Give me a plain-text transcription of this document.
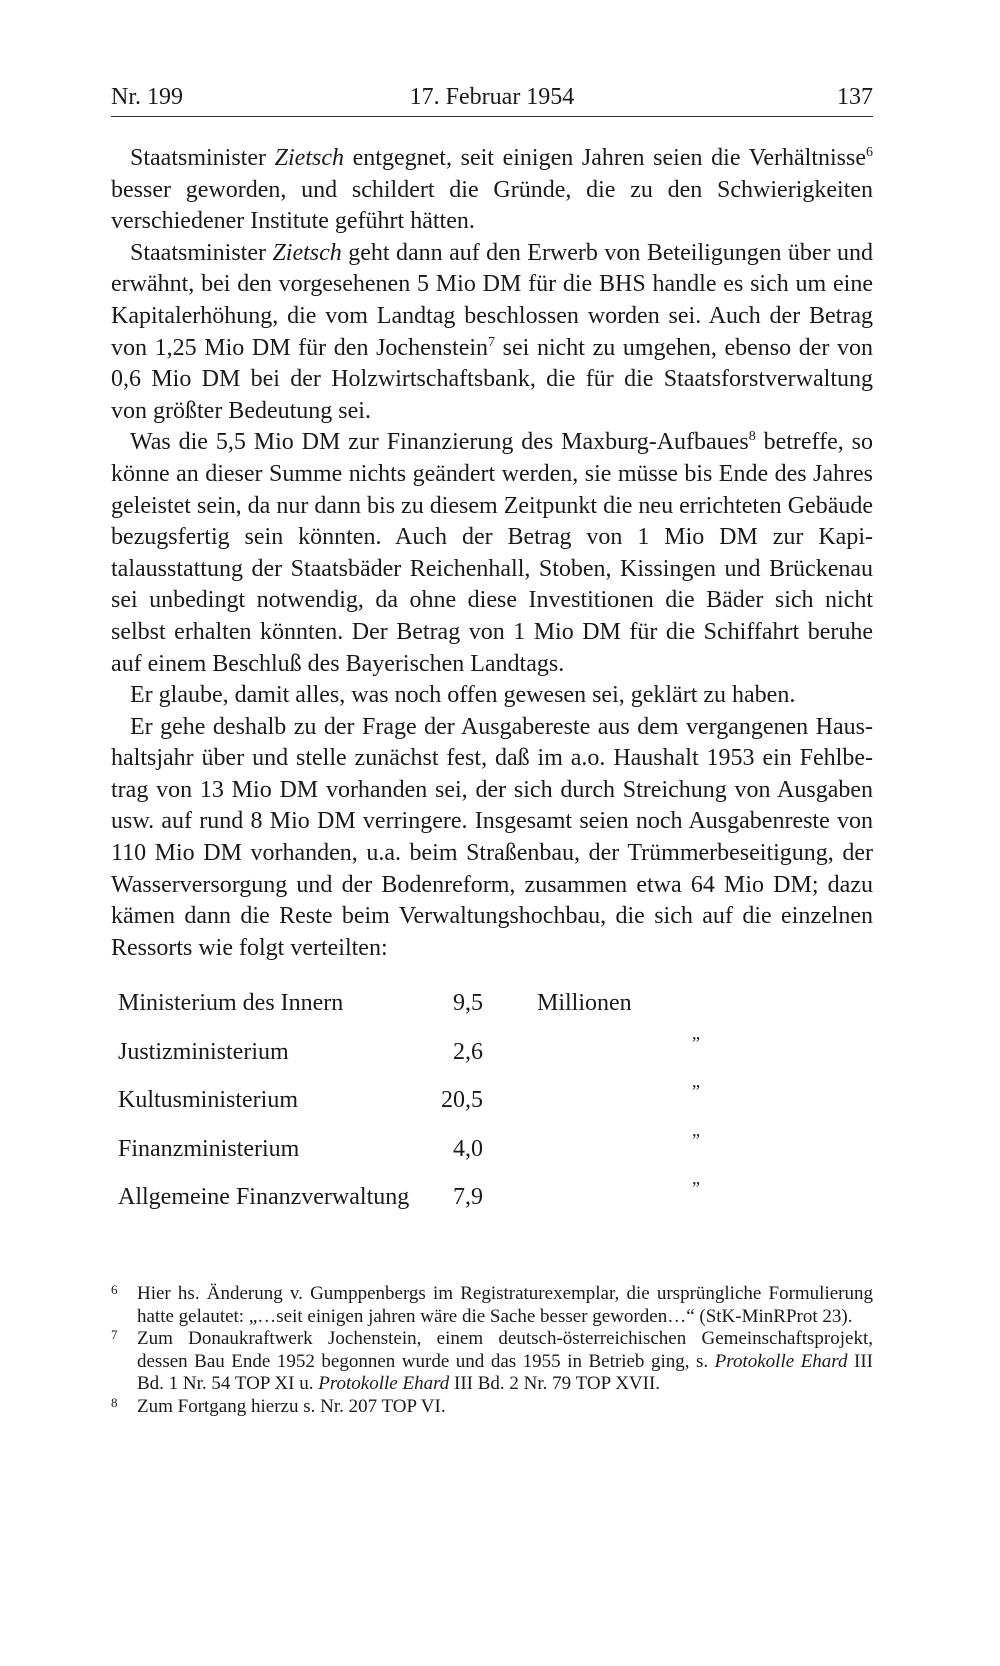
Nr. 199	17. Februar 1954	137

Staatsminister Zietsch entgegnet, seit einigen Jahren seien die Verhältnisse$^6$ besser geworden, und schildert die Gründe, die zu den Schwierigkeiten verschiedener Institute geführt hätten.

Staatsminister Zietsch geht dann auf den Erwerb von Beteiligungen über und erwähnt, bei den vorgesehenen 5 Mio DM für die BHS handle es sich um eine Kapitalerhöhung, die vom Landtag beschlossen worden sei. Auch der Betrag von 1,25 Mio DM für den Jochenstein$^7$ sei nicht zu umgehen, ebenso der von 0,6 Mio DM bei der Holzwirtschaftsbank, die für die Staatsforstverwaltung von größter Bedeutung sei.

Was die 5,5 Mio DM zur Finanzierung des Maxburg-Aufbaues$^8$ betreffe, so könne an dieser Summe nichts geändert werden, sie müsse bis Ende des Jahres geleistet sein, da nur dann bis zu diesem Zeitpunkt die neu errichteten Gebäude bezugsfertig sein könnten. Auch der Betrag von 1 Mio DM zur Kapitalausstattung der Staatsbäder Reichenhall, Stoben, Kissingen und Brückenau sei unbedingt notwendig, da ohne diese Investitionen die Bäder sich nicht selbst erhalten könnten. Der Betrag von 1 Mio DM für die Schiffahrt beruhe auf einem Beschluß des Bayerischen Landtags.

Er glaube, damit alles, was noch offen gewesen sei, geklärt zu haben.

Er gehe deshalb zu der Frage der Ausgabereste aus dem vergangenen Haushaltsjahr über und stelle zunächst fest, daß im a.o. Haushalt 1953 ein Fehlbetrag von 13 Mio DM vorhanden sei, der sich durch Streichung von Ausgaben usw. auf rund 8 Mio DM verringere. Insgesamt seien noch Ausgabenreste von 110 Mio DM vorhanden, u.a. beim Straßenbau, der Trümmerbeseitigung, der Wasserversorgung und der Bodenreform, zusammen etwa 64 Mio DM; dazu kämen dann die Reste beim Verwaltungshochbau, die sich auf die einzelnen Ressorts wie folgt verteilten:

Ministerium des Innern	9,5 Millionen
Justizministerium	2,6	”
Kultusministerium	20,5	”
Finanzministerium	4,0	”
Allgemeine Finanzverwaltung 7,9	”

6 Hier hs. Änderung v. Gumppenbergs im Registraturexemplar, die ursprüngliche Formulierung hatte gelautet: „…seit einigen jahren wäre die Sache besser geworden…“ (StK-MinRProt 23).

7 Zum Donaukraftwerk Jochenstein, einem deutsch-österreichischen Gemeinschaftsprojekt, dessen Bau Ende 1952 begonnen wurde und das 1955 in Betrieb ging, s. Protokolle Ehard III Bd. 1 Nr. 54 TOP XI u. Protokolle Ehard III Bd. 2 Nr. 79 TOP XVII.

8 Zum Fortgang hierzu s. Nr. 207 TOP VI.
